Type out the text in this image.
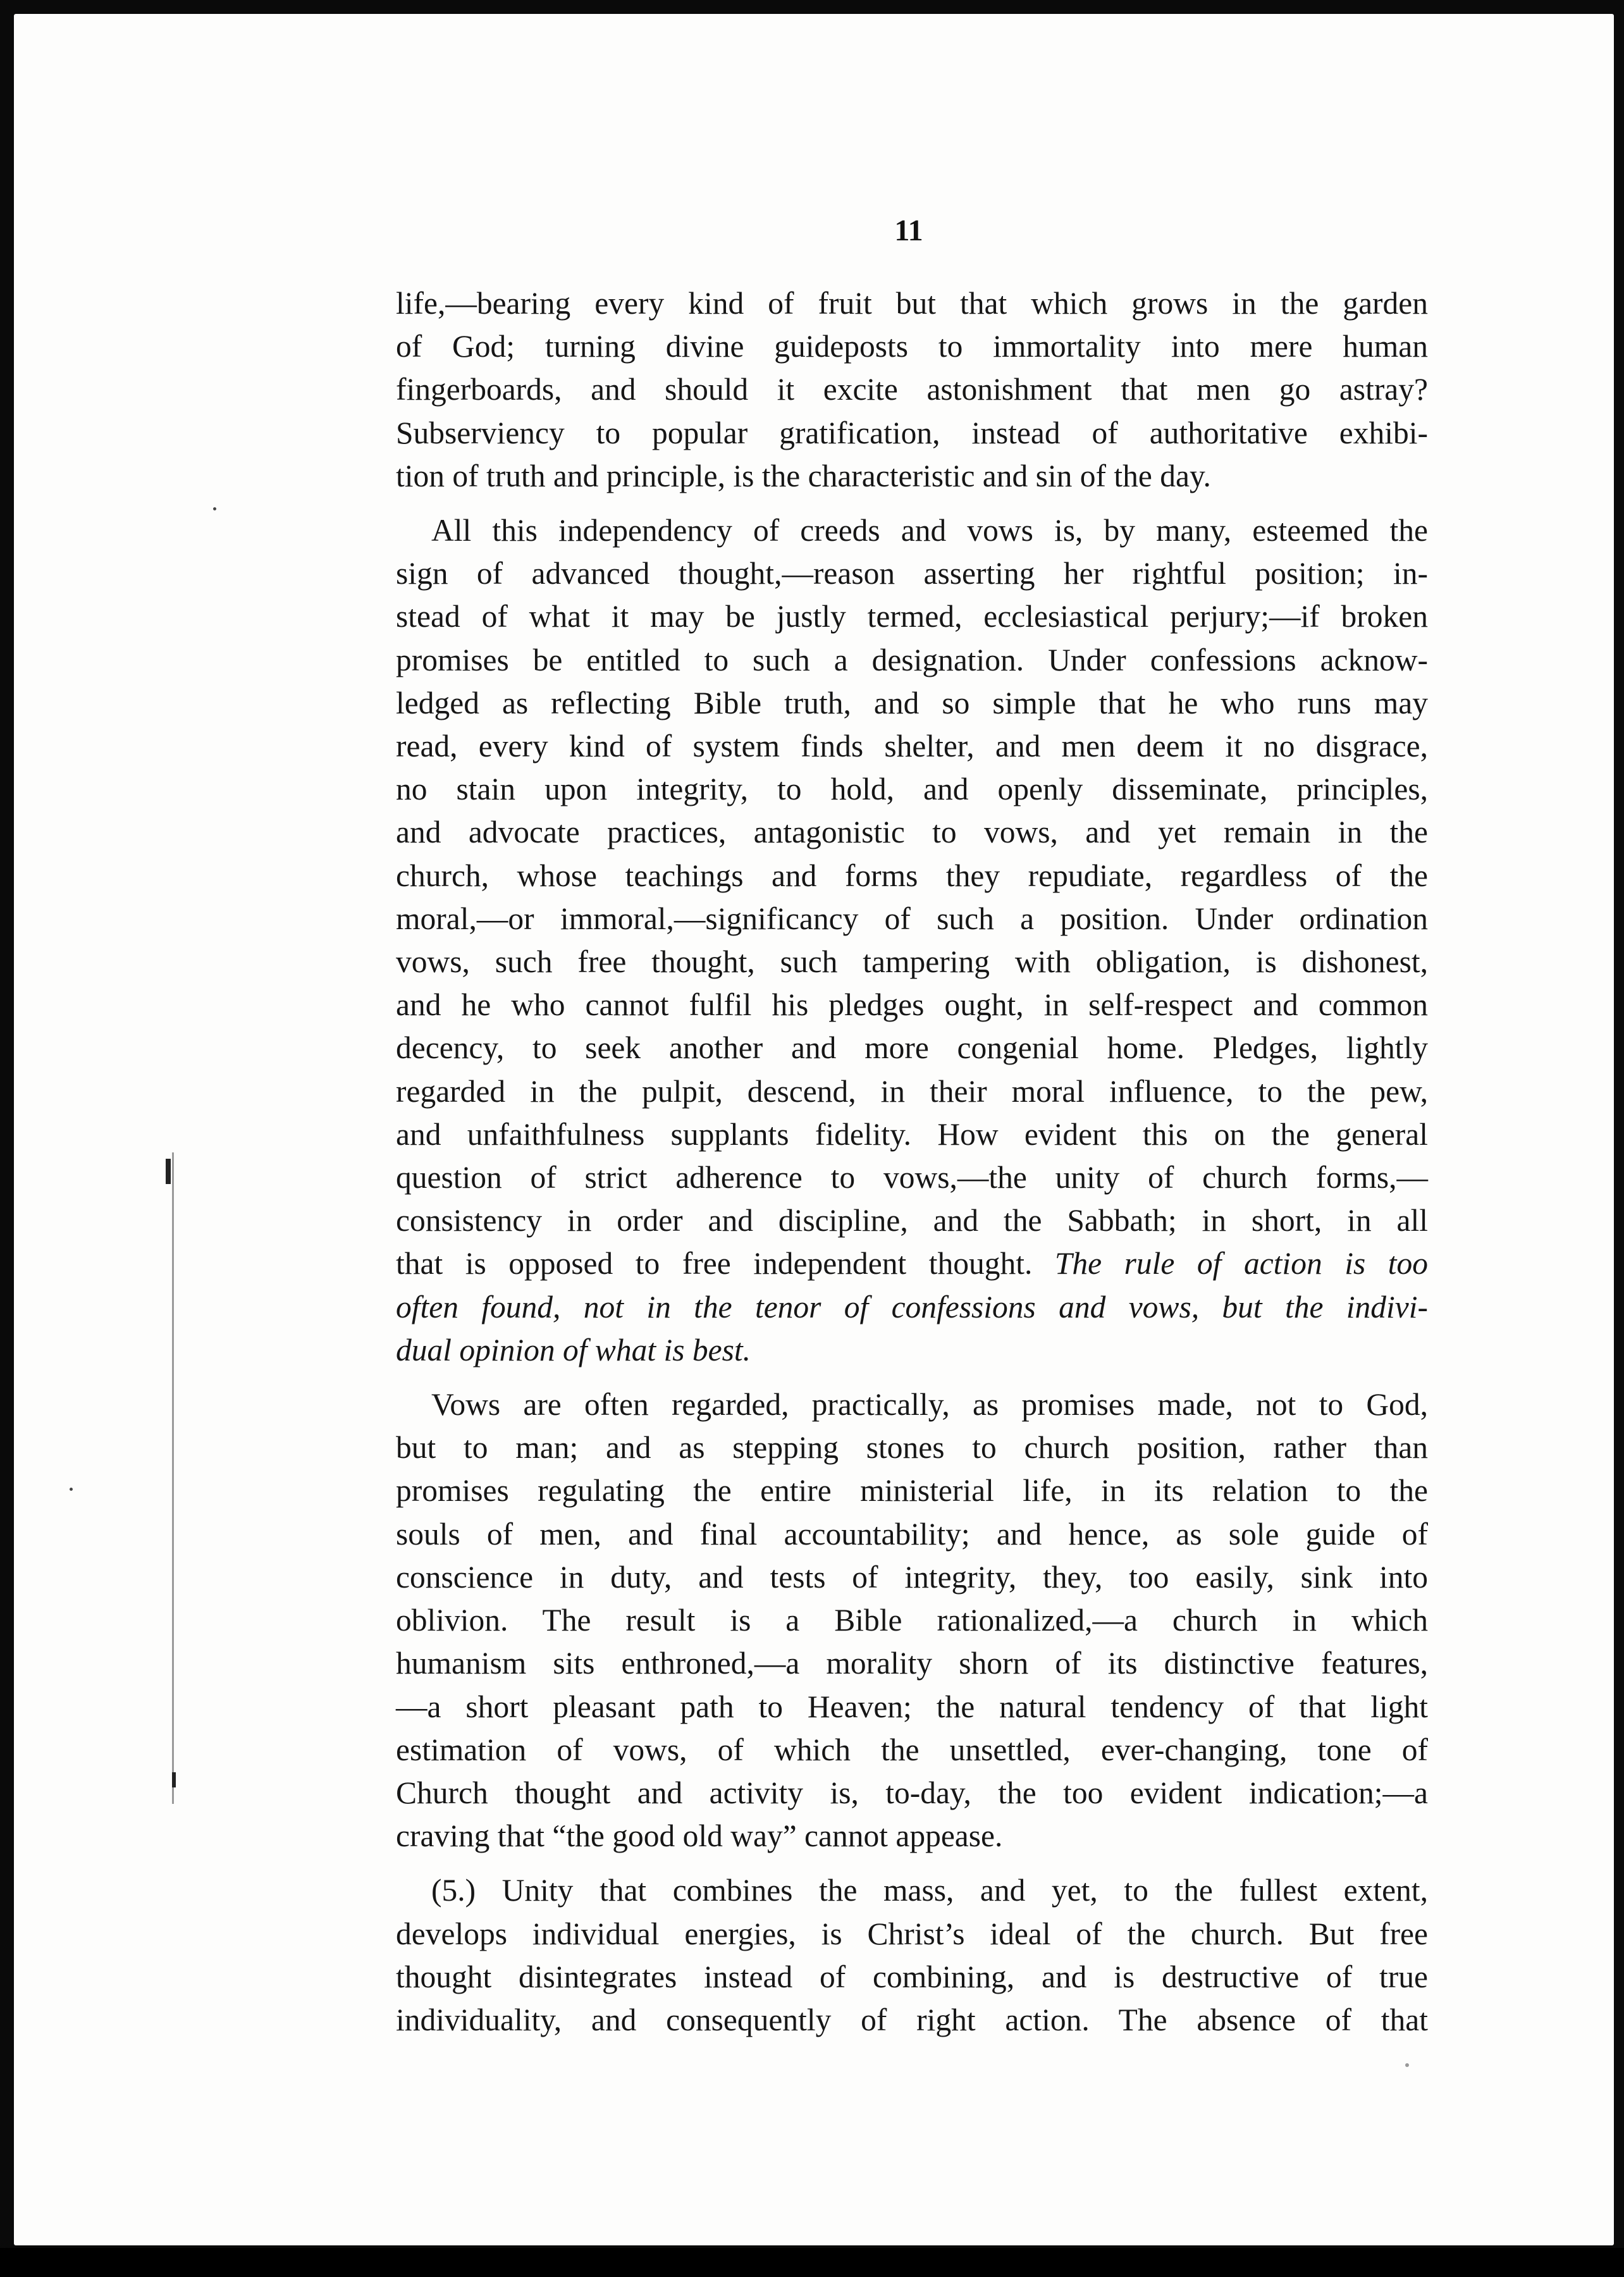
11
life,—bearing every kind of fruit but that which grows in the garden
of God; turning divine guideposts to immortality into mere human
fingerboards, and should it excite astonishment that men go astray?
Subserviency to popular gratification, instead of authoritative exhibi-
tion of truth and principle, is the characteristic and sin of the day.
All this independency of creeds and vows is, by many, esteemed the
sign of advanced thought,—reason asserting her rightful position; in-
stead of what it may be justly termed, ecclesiastical perjury;—if broken
promises be entitled to such a designation. Under confessions acknow-
ledged as reflecting Bible truth, and so simple that he who runs may
read, every kind of system finds shelter, and men deem it no disgrace,
no stain upon integrity, to hold, and openly disseminate, principles,
and advocate practices, antagonistic to vows, and yet remain in the
church, whose teachings and forms they repudiate, regardless of the
moral,—or immoral,—significancy of such a position. Under ordination
vows, such free thought, such tampering with obligation, is dishonest,
and he who cannot fulfil his pledges ought, in self-respect and common
decency, to seek another and more congenial home. Pledges, lightly
regarded in the pulpit, descend, in their moral influence, to the pew,
and unfaithfulness supplants fidelity. How evident this on the general
question of strict adherence to vows,—the unity of church forms,—
consistency in order and discipline, and the Sabbath; in short, in all
that is opposed to free independent thought. The rule of action is too
often found, not in the tenor of confessions and vows, but the indivi-
dual opinion of what is best.
Vows are often regarded, practically, as promises made, not to God,
but to man; and as stepping stones to church position, rather than
promises regulating the entire ministerial life, in its relation to the
souls of men, and final accountability; and hence, as sole guide of
conscience in duty, and tests of integrity, they, too easily, sink into
oblivion. The result is a Bible rationalized,—a church in which
humanism sits enthroned,—a morality shorn of its distinctive features,
—a short pleasant path to Heaven; the natural tendency of that light
estimation of vows, of which the unsettled, ever-changing, tone of
Church thought and activity is, to-day, the too evident indication;—a
craving that “the good old way” cannot appease.
(5.) Unity that combines the mass, and yet, to the fullest extent,
develops individual energies, is Christ’s ideal of the church. But free
thought disintegrates instead of combining, and is destructive of true
individuality, and consequently of right action. The absence of that
